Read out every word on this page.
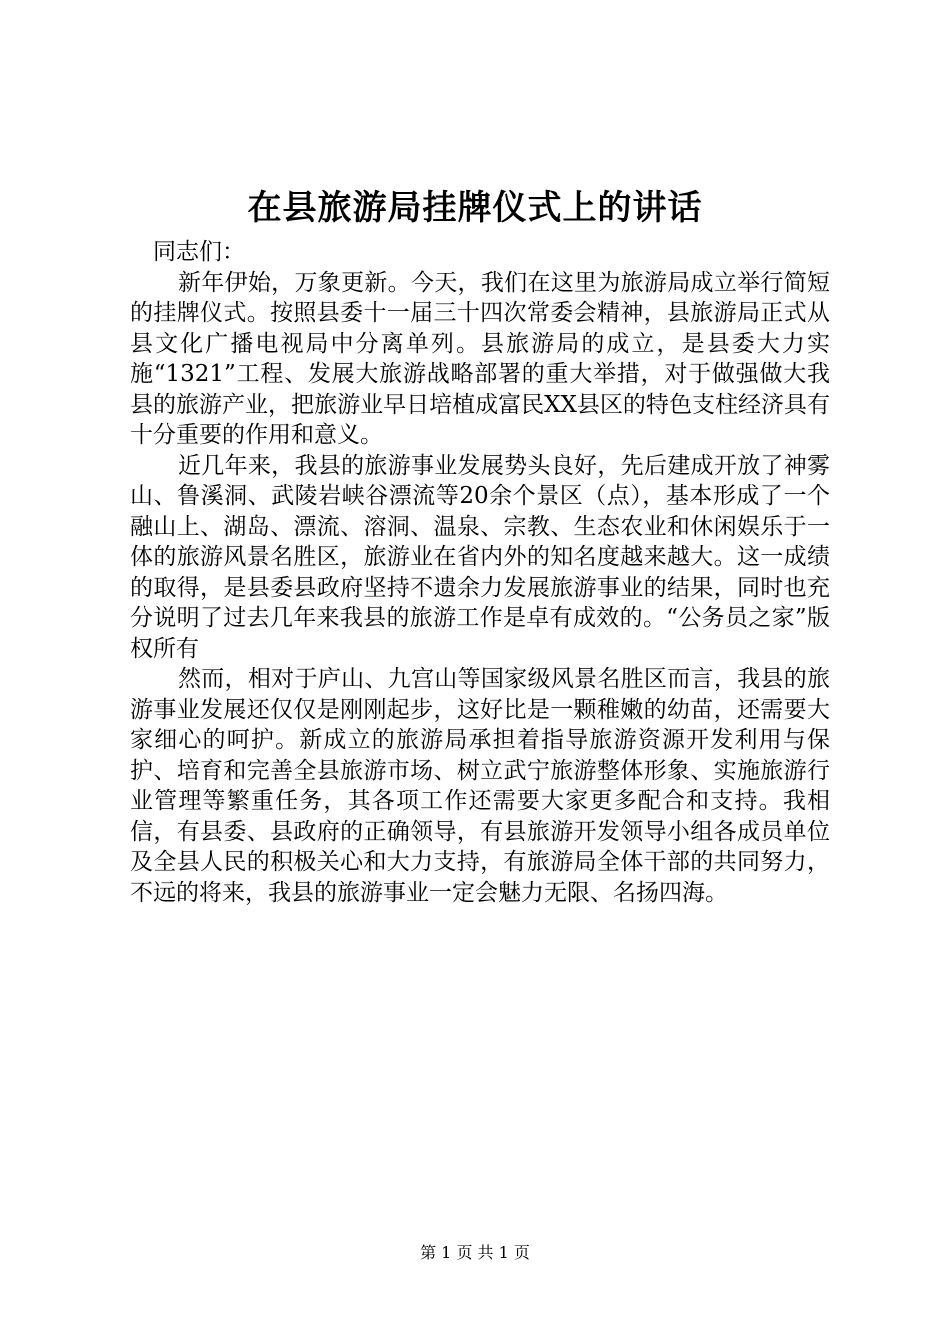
在县旅游局挂牌仪式上的讲话

同志们：

新年伊始，万象更新。今天，我们在这里为旅游局成立举行简短的挂牌仪式。按照县委十一届三十四次常委会精神，县旅游局正式从县文化广播电视局中分离单列。县旅游局的成立，是县委大力实施“1321”工程、发展大旅游战略部署的重大举措，对于做强做大我县的旅游产业，把旅游业早日培植成富民XX县区的特色支柱经济具有十分重要的作用和意义。

近几年来，我县的旅游事业发展势头良好，先后建成开放了神雾山、鲁溪洞、武陵岩峡谷漂流等20余个景区（点），基本形成了一个融山上、湖岛、漂流、溶洞、温泉、宗教、生态农业和休闲娱乐于一体的旅游风景名胜区，旅游业在省内外的知名度越来越大。这一成绩的取得，是县委县政府坚持不遗余力发展旅游事业的结果，同时也充分说明了过去几年来我县的旅游工作是卓有成效的。“公务员之家”版权所有

然而，相对于庐山、九宫山等国家级风景名胜区而言，我县的旅游事业发展还仅仅是刚刚起步，这好比是一颗稚嫩的幼苗，还需要大家细心的呵护。新成立的旅游局承担着指导旅游资源开发利用与保护、培育和完善全县旅游市场、树立武宁旅游整体形象、实施旅游行业管理等繁重任务，其各项工作还需要大家更多配合和支持。我相信，有县委、县政府的正确领导，有县旅游开发领导小组各成员单位及全县人民的积极关心和大力支持，有旅游局全体干部的共同努力，不远的将来，我县的旅游事业一定会魅力无限、名扬四海。

第 1 页 共 1 页
